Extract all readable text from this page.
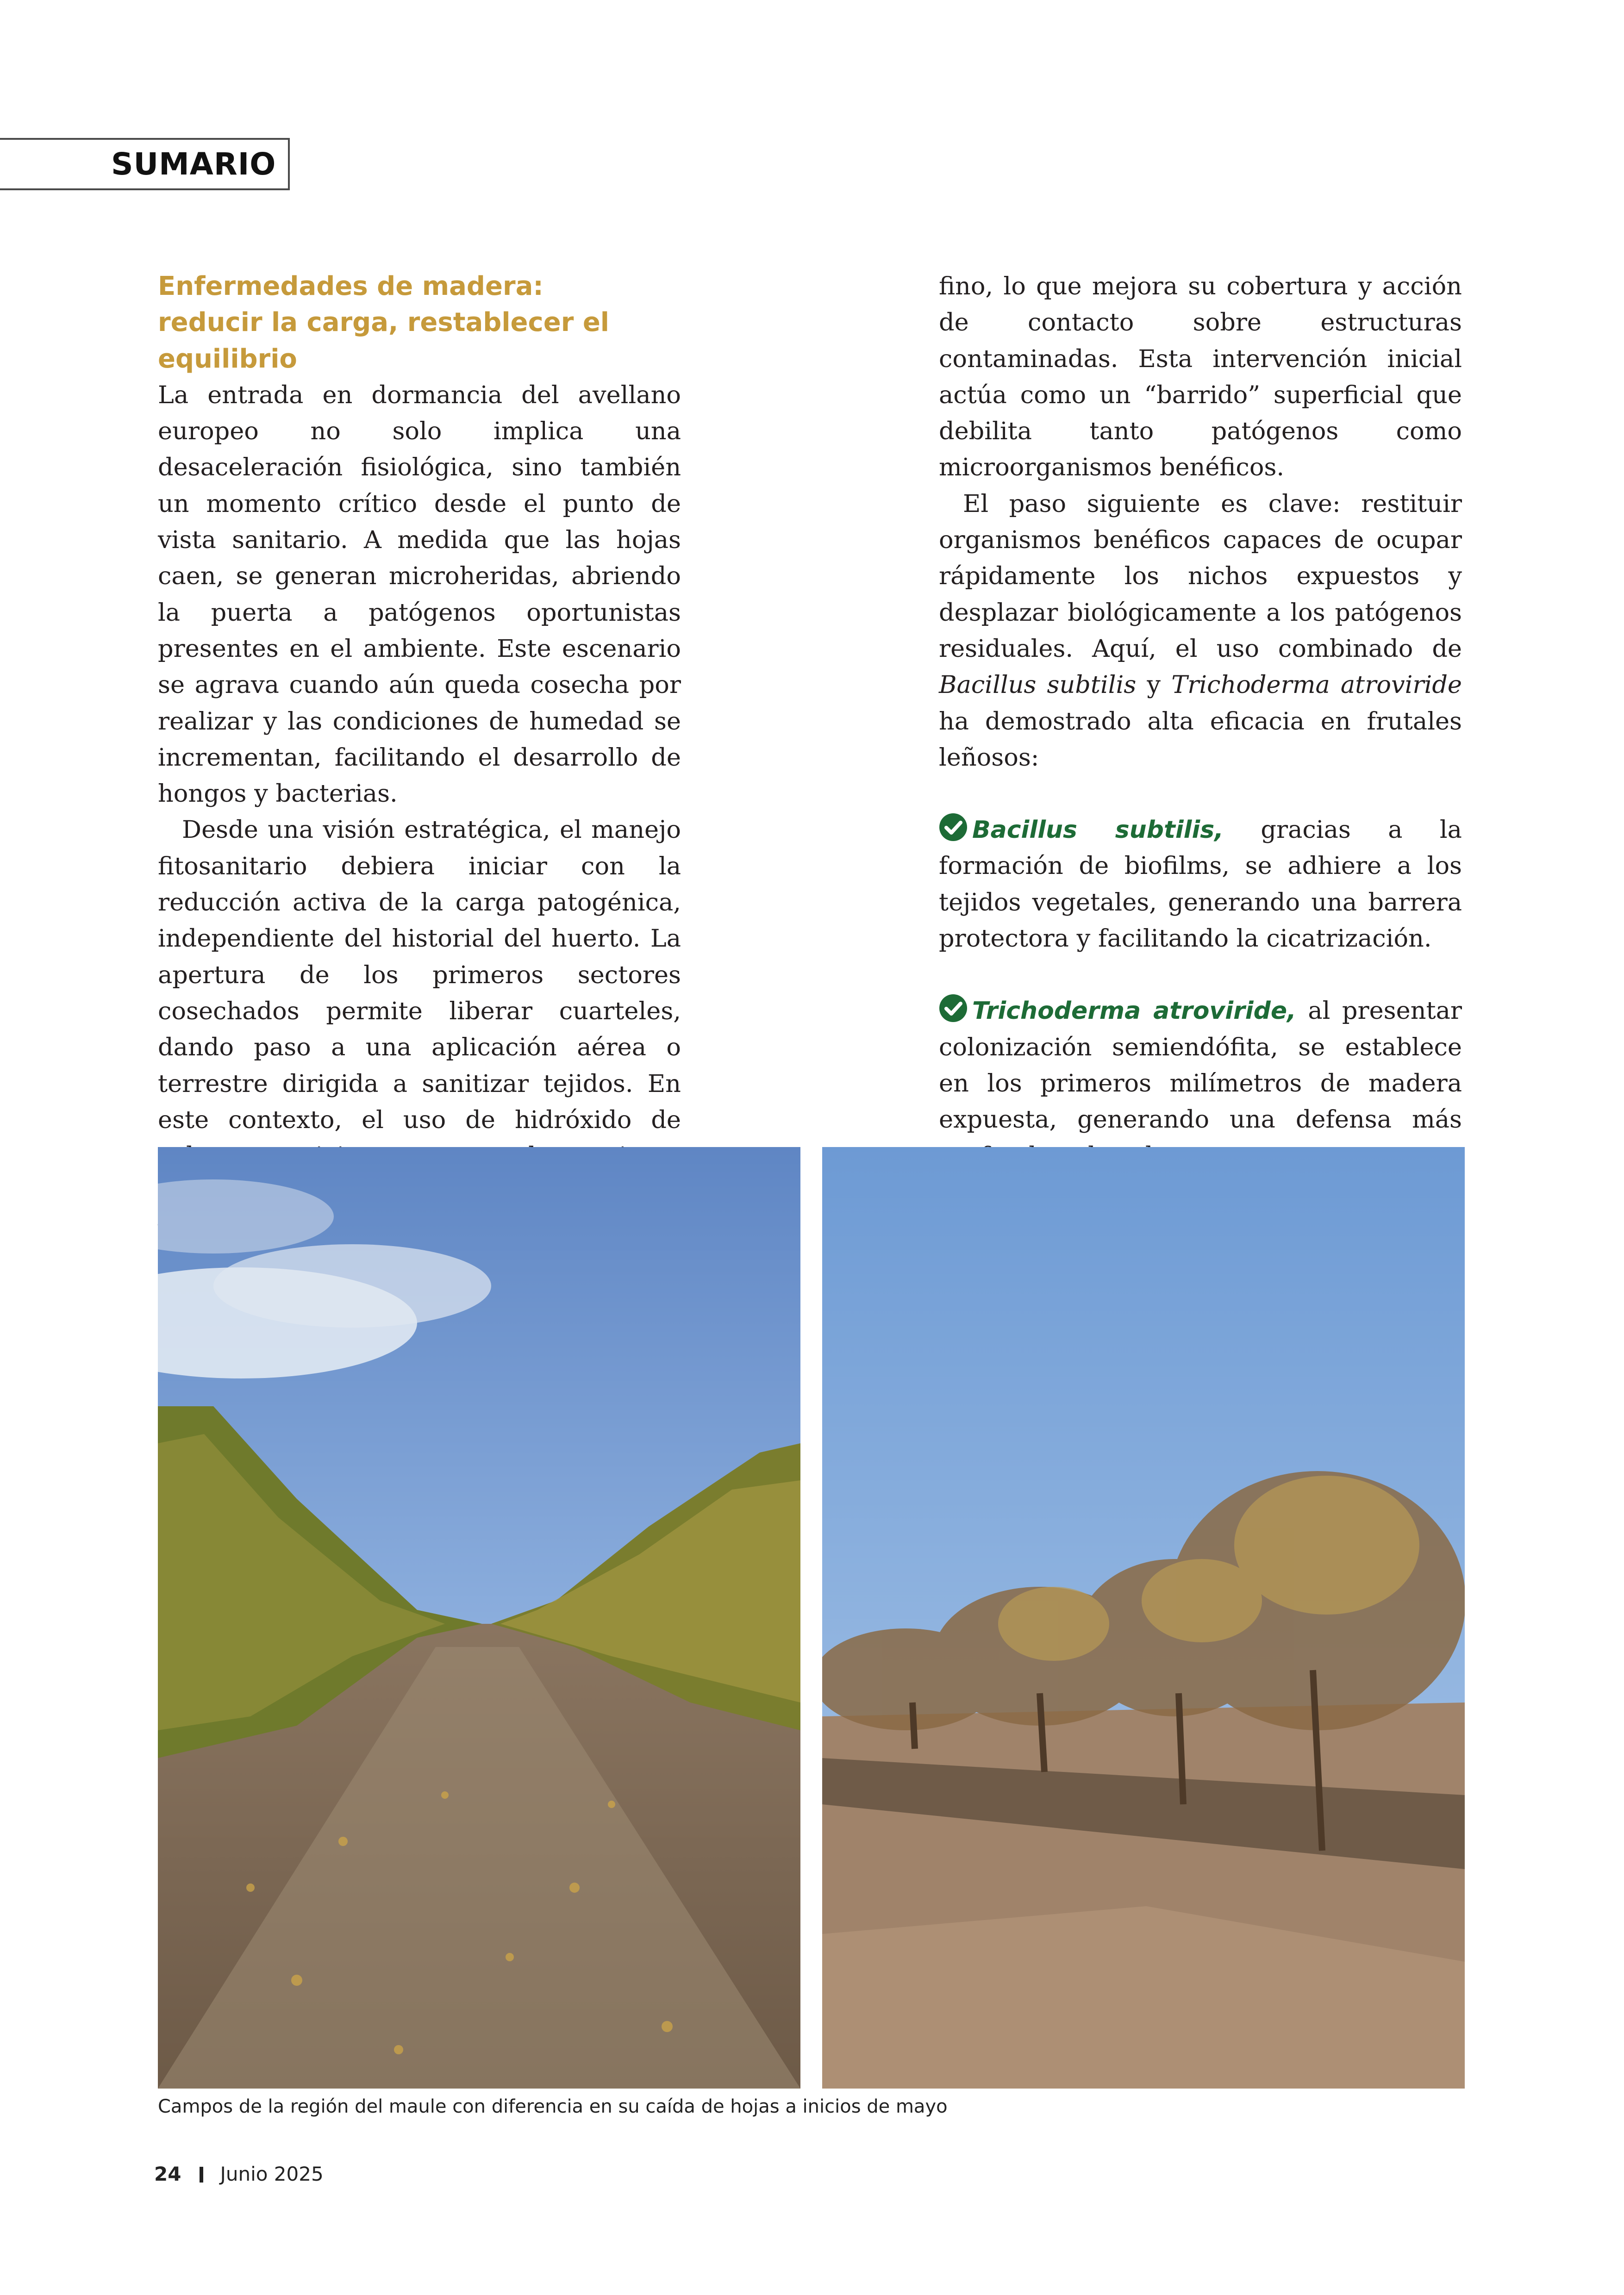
SUMARIO

Enfermedades de madera:
reducir la carga, restablecer el equilibrio

La entrada en dormancia del avellano europeo no solo implica una desaceleración fisiológica, sino también un momento crítico desde el punto de vista sanitario. A medida que las hojas caen, se generan microheridas, abriendo la puerta a patógenos oportunistas presentes en el ambiente. Este escenario se agrava cuando aún queda cosecha por realizar y las condiciones de humedad se incrementan, facilitando el desarrollo de hongos y bacterias.

Desde una visión estratégica, el manejo fitosanitario debiera iniciar con la reducción activa de la carga patogénica, independiente del historial del huerto. La apertura de los primeros sectores cosechados permite liberar cuarteles, dando paso a una aplicación aérea o terrestre dirigida a sanitizar tejidos. En este contexto, el uso de hidróxido de

fino, lo que mejora su cobertura y acción de contacto sobre estructuras contaminadas. Esta intervención inicial actúa como un “barrido” superficial que debilita tanto patógenos como microorganismos benéficos.

El paso siguiente es clave: restituir organismos benéficos capaces de ocupar rápidamente los nichos expuestos y desplazar biológicamente a los patógenos residuales. Aquí, el uso combinado de Bacillus subtilis y Trichoderma atroviride ha demostrado alta eficacia en frutales leñosos:

Bacillus subtilis, gracias a la formación de biofilms, se adhiere a los tejidos vegetales, generando una barrera protectora y facilitando la cicatrización.

Trichoderma atroviride, al presentar colonización semiendófita, se establece en los primeros milímetros de madera expuesta, generando una defensa más

Campos de la región del maule con diferencia en su caída de hojas a inicios de mayo
24 Junio 2025
